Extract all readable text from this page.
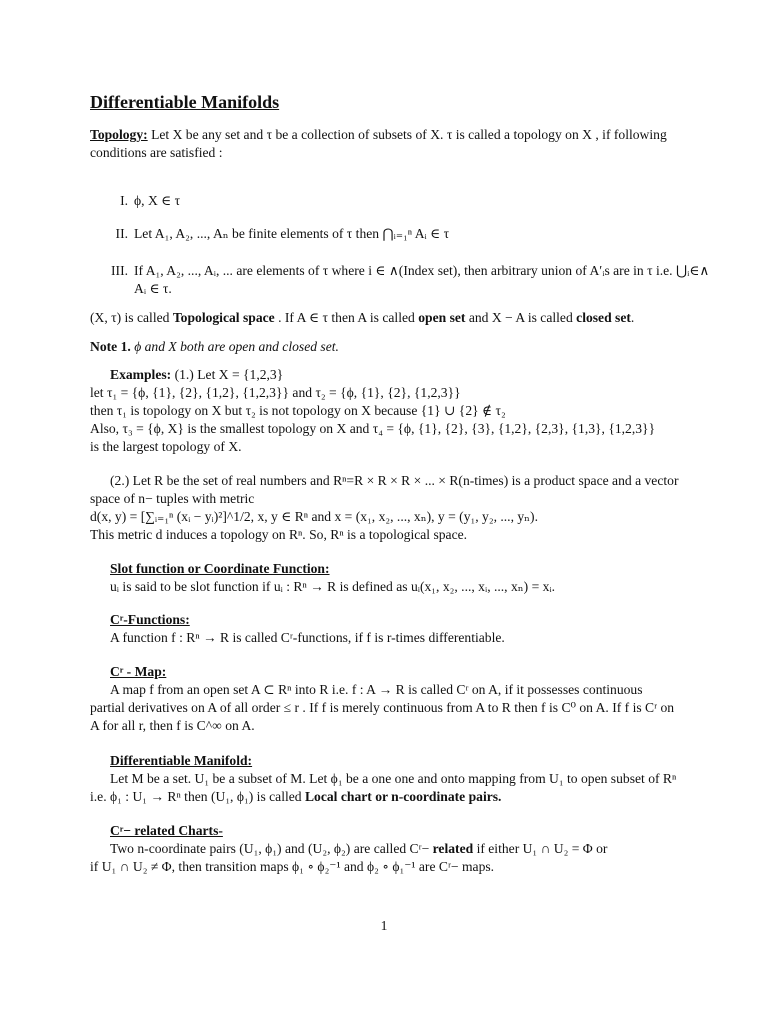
Differentiable Manifolds
Topology: Let X be any set and τ be a collection of subsets of X. τ is called a topology on X , if following conditions are satisfied :
I. ϕ, X ∈ τ
II. Let A₁, A₂, ..., Aₙ be finite elements of τ then ⋂ᵢ₌₁ⁿ Aᵢ ∈ τ
III. If A₁, A₂, ..., Aᵢ, ... are elements of τ where i ∈ ∧(Index set), then arbitrary union of A′ᵢs are in τ i.e. ⋃ᵢ∈∧ Aᵢ ∈ τ.
(X, τ) is called Topological space . If A ∈ τ then A is called open set and X − A is called closed set.
Note 1. ϕ and X both are open and closed set.
Examples: (1.) Let X = {1,2,3}
let τ₁ = {ϕ, {1}, {2}, {1,2}, {1,2,3}} and τ₂ = {ϕ, {1}, {2}, {1,2,3}}
then τ₁ is topology on X but τ₂ is not topology on X because {1} ∪ {2} ∉ τ₂
Also, τ₃ = {ϕ, X} is the smallest topology on X and τ₄ = {ϕ, {1}, {2}, {3}, {1,2}, {2,3}, {1,3}, {1,2,3}}
is the largest topology of X.
(2.) Let R be the set of real numbers and Rⁿ=R × R × R × ... × R(n-times) is a product space and a vector space of n− tuples with metric
d(x, y) = [∑ᵢ₌₁ⁿ (xᵢ − yᵢ)²]^1/2, x, y ∈ Rⁿ and x = (x₁, x₂, ..., xₙ), y = (y₁, y₂, ..., yₙ).
This metric d induces a topology on Rⁿ. So, Rⁿ is a topological space.
Slot function or Coordinate Function:
uᵢ is said to be slot function if uᵢ : Rⁿ → R is defined as uᵢ(x₁, x₂, ..., xᵢ, ..., xₙ) = xᵢ.
Cʳ-Functions:
A function f : Rⁿ → R is called Cʳ-functions, if f is r-times differentiable.
Cʳ - Map:
A map f from an open set A ⊂ Rⁿ into R i.e. f : A → R is called Cʳ on A, if it possesses continuous partial derivatives on A of all order ≤ r . If f is merely continuous from A to R then f is C⁰ on A. If f is Cʳ on A for all r, then f is C^∞ on A.
Differentiable Manifold:
Let M be a set. U₁ be a subset of M. Let ϕ₁ be a one one and onto mapping from U₁ to open subset of Rⁿ i.e. ϕ₁ : U₁ → Rⁿ then (U₁, ϕ₁) is called Local chart or n-coordinate pairs.
Cʳ− related Charts-
Two n-coordinate pairs (U₁, ϕ₁) and (U₂, ϕ₂) are called Cʳ− related if either U₁ ∩ U₂ = Φ or
if U₁ ∩ U₂ ≠ Φ, then transition maps ϕ₁ ∘ ϕ₂⁻¹ and ϕ₂ ∘ ϕ₁⁻¹ are Cʳ− maps.
1
